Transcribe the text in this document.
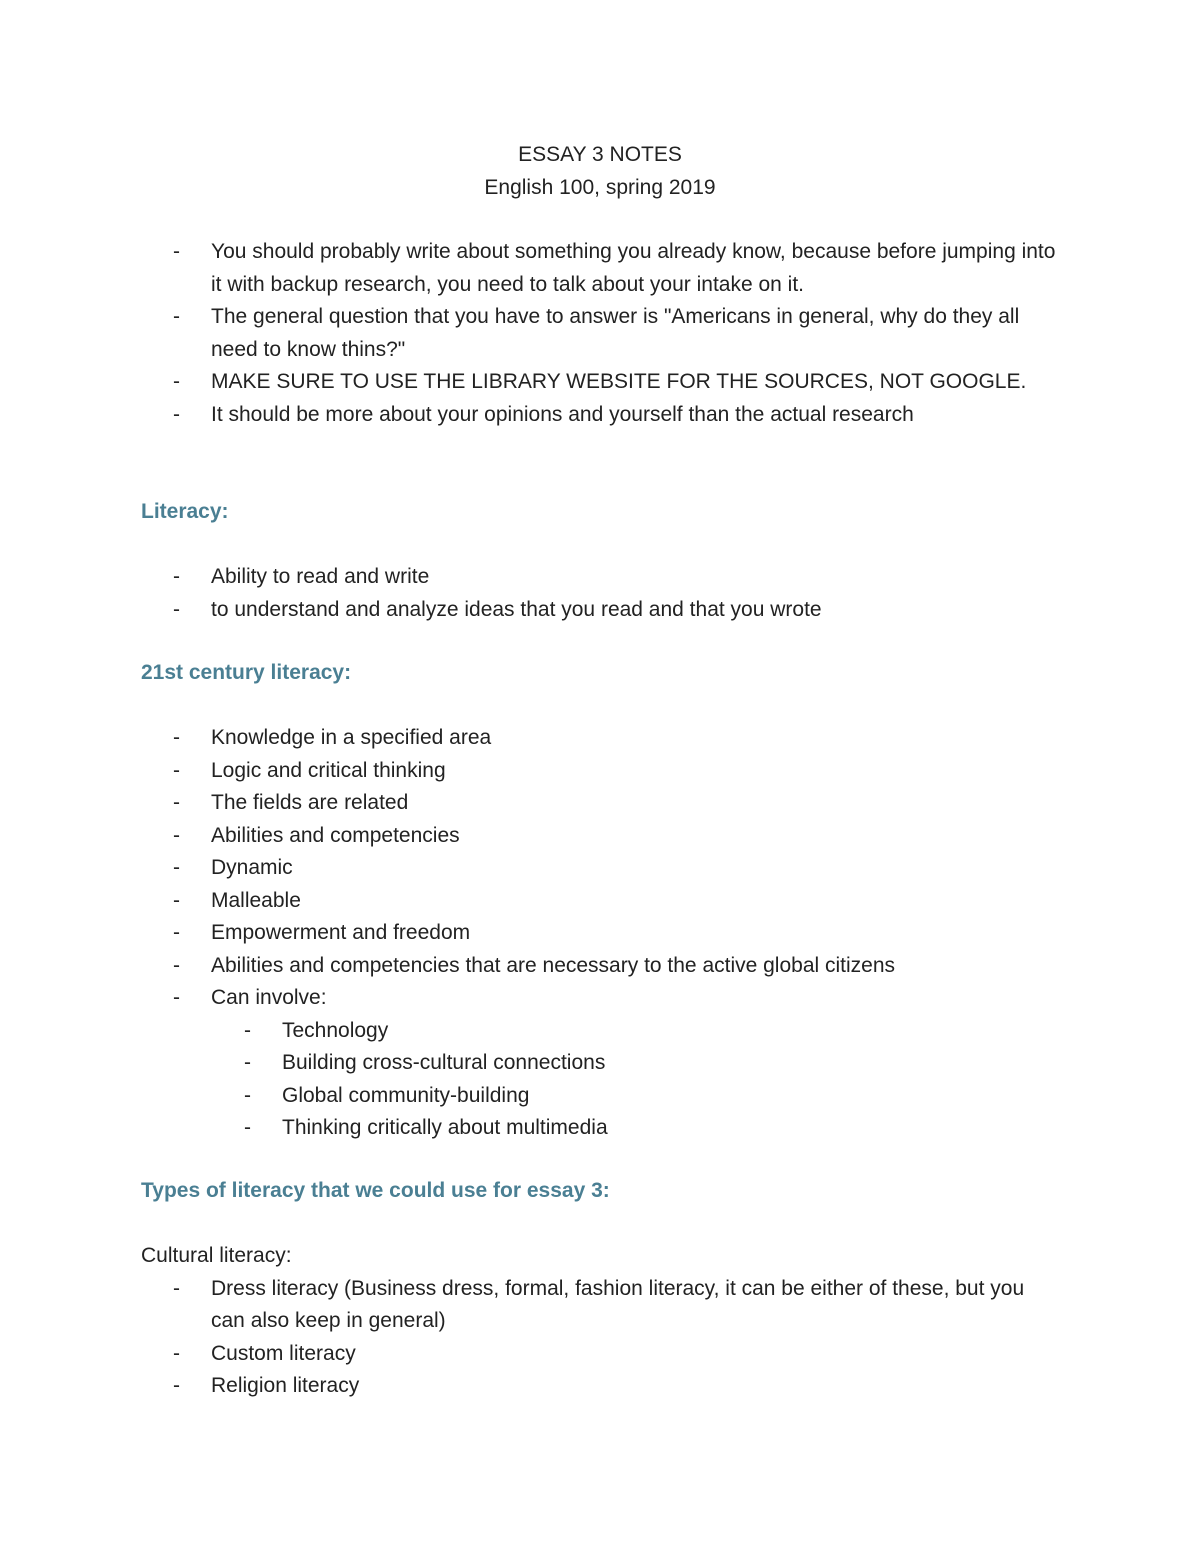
ESSAY 3 NOTES
English 100, spring 2019
-	You should probably write about something you already know, because before jumping into it with backup research, you need to talk about your intake on it.
-	The general question that you have to answer is "Americans in general, why do they all need to know thins?"
-	MAKE SURE TO USE THE LIBRARY WEBSITE FOR THE SOURCES, NOT GOOGLE.
-	It should be more about your opinions and yourself than the actual research
Literacy:
-	Ability to read and write
-	to understand and analyze ideas that you read and that you wrote
21st century literacy:
-	Knowledge in a specified area
-	Logic and critical thinking
-	The fields are related
-	Abilities and competencies
-	Dynamic
-	Malleable
-	Empowerment and freedom
-	Abilities and competencies that are necessary to the active global citizens
-	Can involve:
-	Technology
-	Building cross-cultural connections
-	Global community-building
-	Thinking critically about multimedia
Types of literacy that we could use for essay 3:
Cultural literacy:
-	Dress literacy (Business dress, formal, fashion literacy, it can be either of these, but you can also keep in general)
-	Custom literacy
-	Religion literacy
